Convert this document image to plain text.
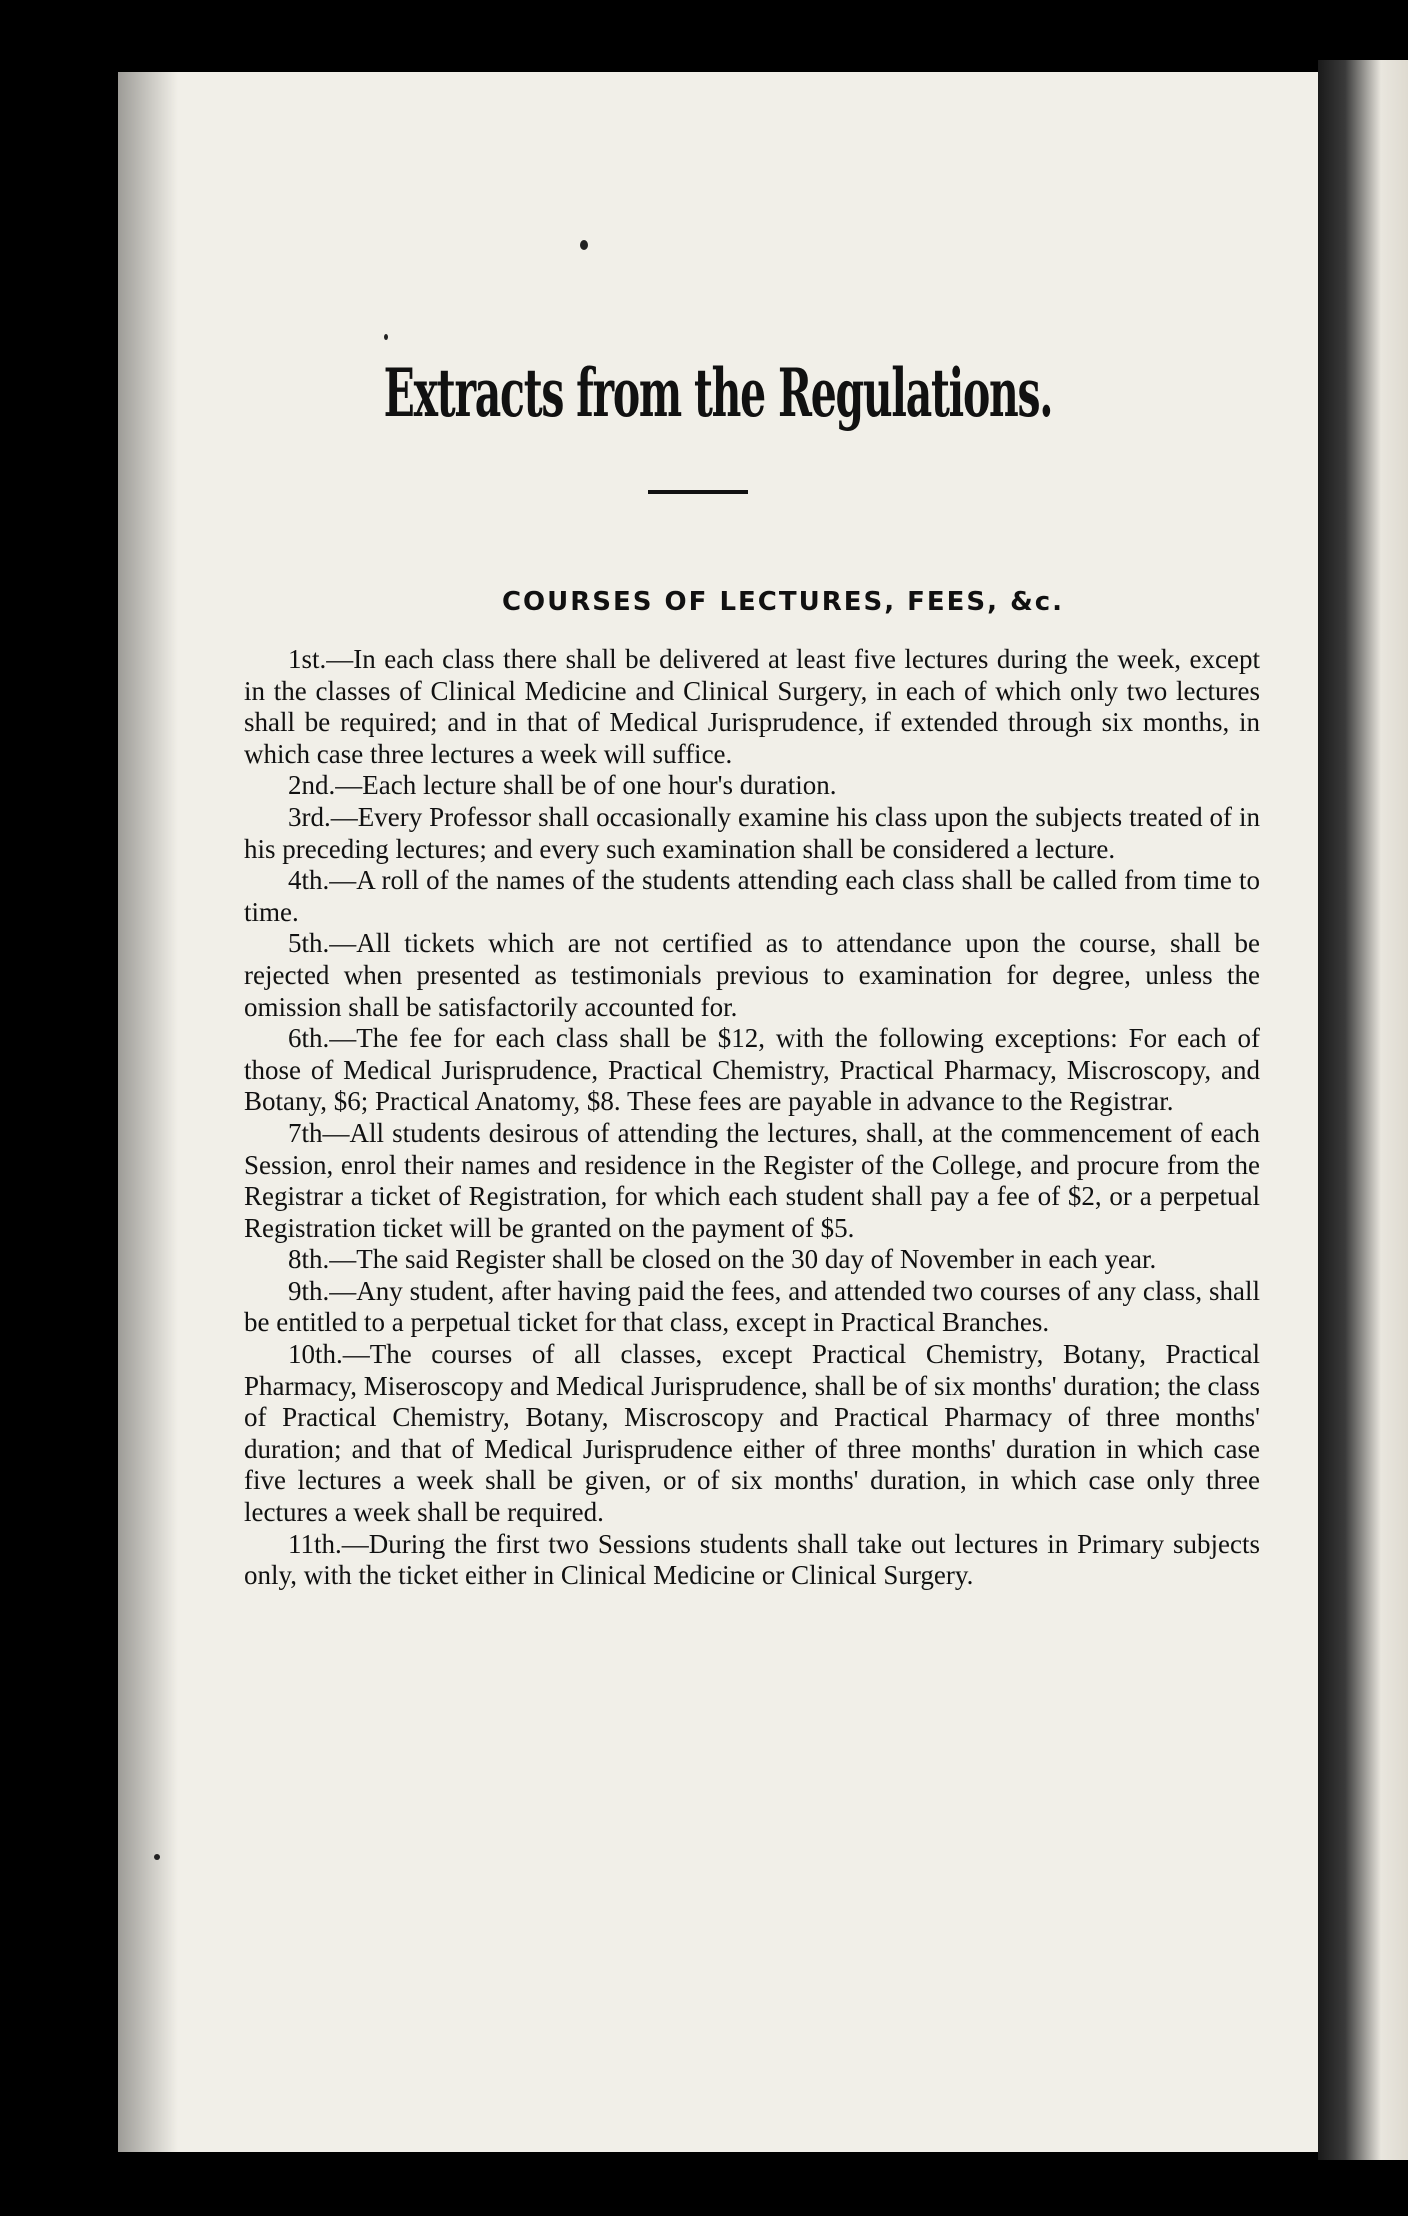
Extracts from the Regulations.
COURSES OF LECTURES, FEES, &c.

1st.—In each class there shall be delivered at least five lectures during the week, except in the classes of Clinical Medicine and Clinical Surgery, in each of which only two lectures shall be required; and in that of Medical Jurisprudence, if extended through six months, in which case three lectures a week will suffice.

2nd.—Each lecture shall be of one hour's duration.

3rd.—Every Professor shall occasionally examine his class upon the subjects treated of in his preceding lectures; and every such examination shall be considered a lecture.

4th.—A roll of the names of the students attending each class shall be called from time to time.

5th.—All tickets which are not certified as to attendance upon the course, shall be rejected when presented as testimonials previous to examination for degree, unless the omission shall be satisfactorily accounted for.

6th.—The fee for each class shall be $12, with the following exceptions: For each of those of Medical Jurisprudence, Practical Chemistry, Practical Pharmacy, Miscroscopy, and Botany, $6; Practical Anatomy, $8. These fees are payable in advance to the Registrar.

7th—All students desirous of attending the lectures, shall, at the commencement of each Session, enrol their names and residence in the Register of the College, and procure from the Registrar a ticket of Registration, for which each student shall pay a fee of $2, or a perpetual Registration ticket will be granted on the payment of $5.

8th.—The said Register shall be closed on the 30 day of November in each year.

9th.—Any student, after having paid the fees, and attended two courses of any class, shall be entitled to a perpetual ticket for that class, except in Practical Branches.

10th.—The courses of all classes, except Practical Chemistry, Botany, Practical Pharmacy, Miseroscopy and Medical Jurisprudence, shall be of six months' duration; the class of Practical Chemistry, Botany, Miscroscopy and Practical Pharmacy of three months' duration; and that of Medical Jurisprudence either of three months' duration in which case five lectures a week shall be given, or of six months' duration, in which case only three lectures a week shall be required.

11th.—During the first two Sessions students shall take out lectures in Primary subjects only, with the ticket either in Clinical Medicine or Clinical Surgery.
